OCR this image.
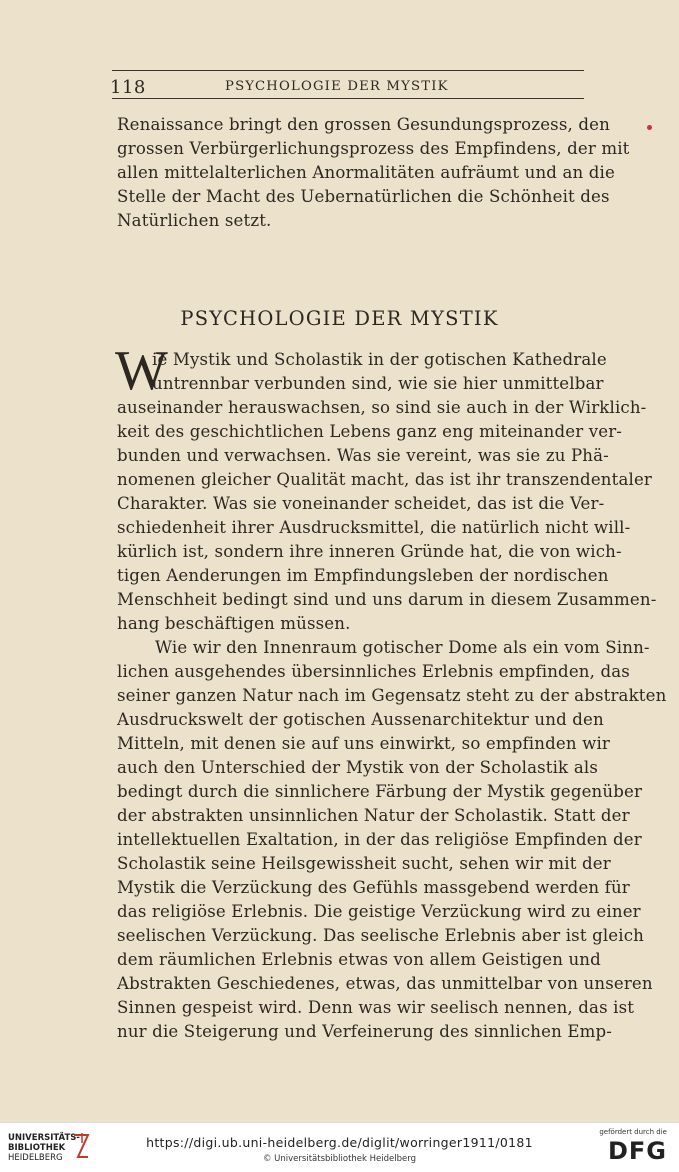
118	PSYCHOLOGIE DER MYSTIK
Renaissance bringt den grossen Gesundungsprozess, den
grossen Verbürgerlichungsprozess des Empfindens, der mit
allen mittelalterlichen Anormalitäten aufräumt und an die
Stelle der Macht des Uebernatürlichen die Schönheit des
Natürlichen setzt.
PSYCHOLOGIE DER MYSTIK
W
ie Mystik und Scholastik in der gotischen Kathedrale
untrennbar verbunden sind, wie sie hier unmittelbar
auseinander herauswachsen, so sind sie auch in der Wirklich-
keit des geschichtlichen Lebens ganz eng miteinander ver-
bunden und verwachsen. Was sie vereint, was sie zu Phä-
nomenen gleicher Qualität macht, das ist ihr transzendentaler
Charakter. Was sie voneinander scheidet, das ist die Ver-
schiedenheit ihrer Ausdrucksmittel, die natürlich nicht will-
kürlich ist, sondern ihre inneren Gründe hat, die von wich-
tigen Aenderungen im Empfindungsleben der nordischen
Menschheit bedingt sind und uns darum in diesem Zusammen-
hang beschäftigen müssen.
Wie wir den Innenraum gotischer Dome als ein vom Sinn-
lichen ausgehendes übersinnliches Erlebnis empfinden, das
seiner ganzen Natur nach im Gegensatz steht zu der abstrakten
Ausdruckswelt der gotischen Aussenarchitektur und den
Mitteln, mit denen sie auf uns einwirkt, so empfinden wir
auch den Unterschied der Mystik von der Scholastik als
bedingt durch die sinnlichere Färbung der Mystik gegenüber
der abstrakten unsinnlichen Natur der Scholastik. Statt der
intellektuellen Exaltation, in der das religiöse Empfinden der
Scholastik seine Heilsgewissheit sucht, sehen wir mit der
Mystik die Verzückung des Gefühls massgebend werden für
das religiöse Erlebnis. Die geistige Verzückung wird zu einer
seelischen Verzückung. Das seelische Erlebnis aber ist gleich
dem räumlichen Erlebnis etwas von allem Geistigen und
Abstrakten Geschiedenes, etwas, das unmittelbar von unseren
Sinnen gespeist wird. Denn was wir seelisch nennen, das ist
nur die Steigerung und Verfeinerung des sinnlichen Emp-
UNIVERSITÄTS-
BIBLIOTHEK
HEIDELBERG
https://digi.ub.uni-heidelberg.de/diglit/worringer1911/0181
© Universitätsbibliothek Heidelberg
gefördert durch die
DFG
